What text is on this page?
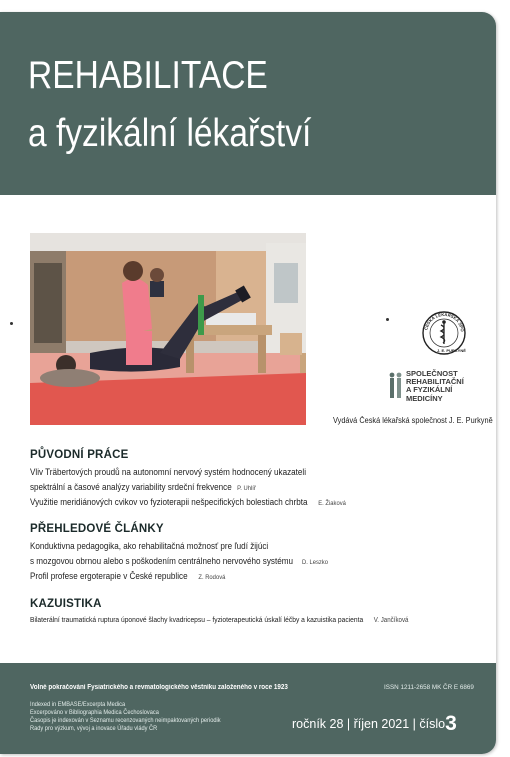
REHABILITACE
a fyzikální lékařství
ČESKÁ LÉKAŘSKÁ SPO
J. E. PURKYNĚ
SPOLEČNOST
REHABILITAČNÍ
A FYZIKÁLNÍ
MEDICÍNY
Vydává Česká lékařská společnost J. E. Purkyně
PŮVODNÍ PRÁCE
Vliv Träbertových proudů na autonomní nervový systém hodnocený ukazateli
spektrální a časové analýzy variability srdeční frekvence P. Uhlíř
Využitie meridiánových cvikov vo fyzioterapii nešpecifických bolestiach chrbta E. Žiaková
PŘEHLEDOVÉ ČLÁNKY
Konduktivna pedagogika, ako rehabilitačná možnosť pre ľudí žijúci
s mozgovou obrnou alebo s poškodením centrálneho nervového systému D. Leszko
Profil profese ergoterapie v České republice Z. Rodová
KAZUISTIKA
Bilaterální traumatická ruptura úponové šlachy kvadricepsu – fyzioterapeutická úskalí léčby a kazuistika pacienta V. Jančíková
Volné pokračování Fysiatrického a revmatologického věstníku založeného v roce 1923	ISSN 1211-2658 MK ČR E 6869
Indexed in EMBASE/Excerpta Medica
Excerpováno v Bibliographia Medica Čechoslovaca
Časopis je indexován v Seznamu recenzovaných neimpaktovaných periodik
Rady pro výzkum, vývoj a inovace Úřadu vlády ČR	ročník 28 | říjen 2021 | číslo3
